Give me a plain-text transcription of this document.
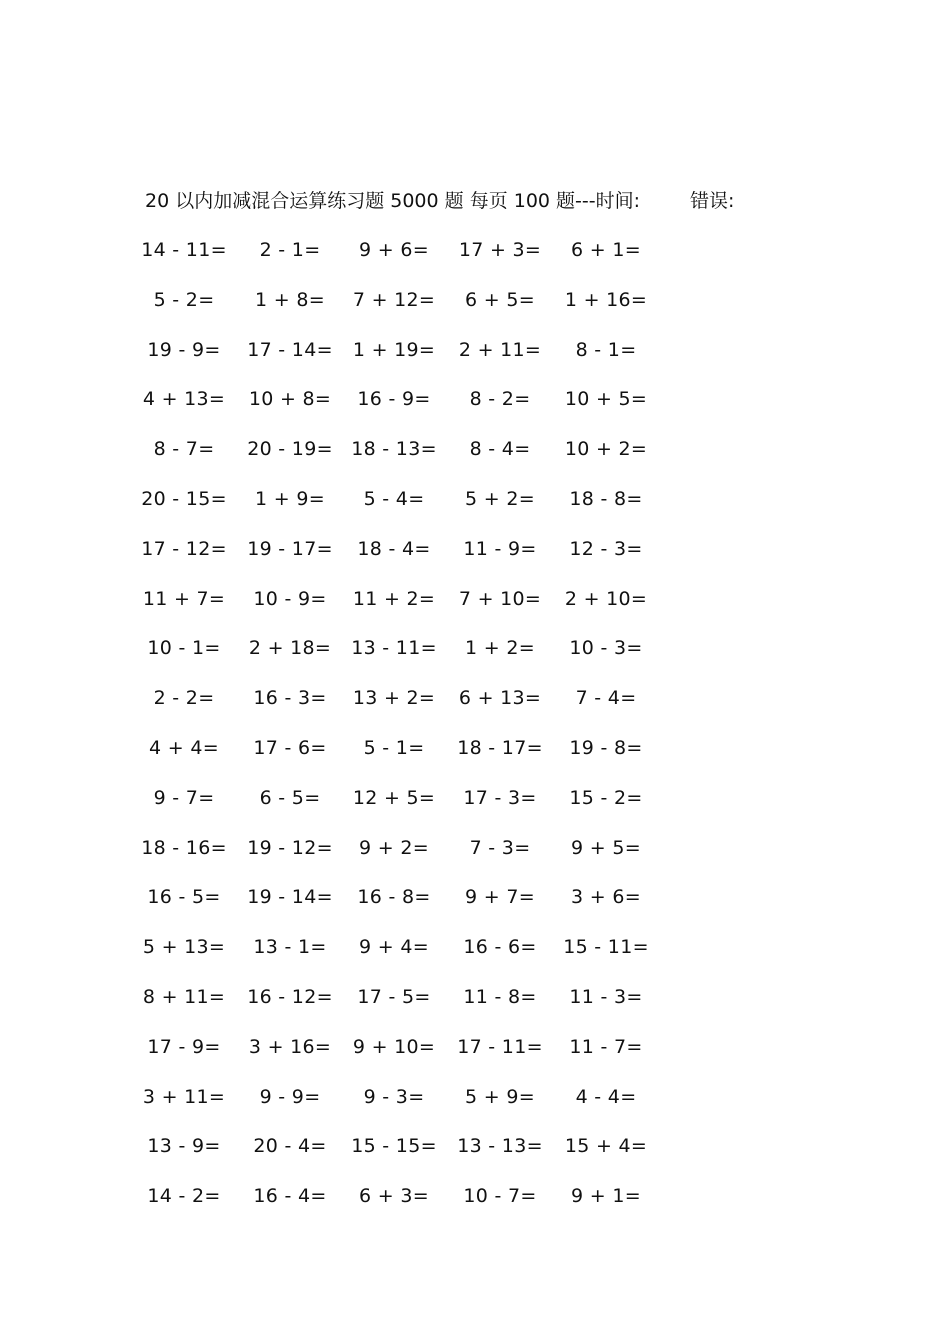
20 以内加减混合运算练习题 5000 题 每页 100 题---时间:	错误:
14 - 11= 2 - 1= 9 + 6= 17 + 3= 6 + 1=
5 - 2= 1 + 8= 7 + 12= 6 + 5= 1 + 16=
19 - 9= 17 - 14= 1 + 19= 2 + 11= 8 - 1=
4 + 13= 10 + 8= 16 - 9= 8 - 2= 10 + 5=
8 - 7= 20 - 19= 18 - 13= 8 - 4= 10 + 2=
20 - 15= 1 + 9= 5 - 4= 5 + 2= 18 - 8=
17 - 12= 19 - 17= 18 - 4= 11 - 9= 12 - 3=
11 + 7= 10 - 9= 11 + 2= 7 + 10= 2 + 10=
10 - 1= 2 + 18= 13 - 11= 1 + 2= 10 - 3=
2 - 2= 16 - 3= 13 + 2= 6 + 13= 7 - 4=
4 + 4= 17 - 6= 5 - 1= 18 - 17= 19 - 8=
9 - 7= 6 - 5= 12 + 5= 17 - 3= 15 - 2=
18 - 16= 19 - 12= 9 + 2= 7 - 3= 9 + 5=
16 - 5= 19 - 14= 16 - 8= 9 + 7= 3 + 6=
5 + 13= 13 - 1= 9 + 4= 16 - 6= 15 - 11=
8 + 11= 16 - 12= 17 - 5= 11 - 8= 11 - 3=
17 - 9= 3 + 16= 9 + 10= 17 - 11= 11 - 7=
3 + 11= 9 - 9= 9 - 3= 5 + 9= 4 - 4=
13 - 9= 20 - 4= 15 - 15= 13 - 13= 15 + 4=
14 - 2= 16 - 4= 6 + 3= 10 - 7= 9 + 1=
